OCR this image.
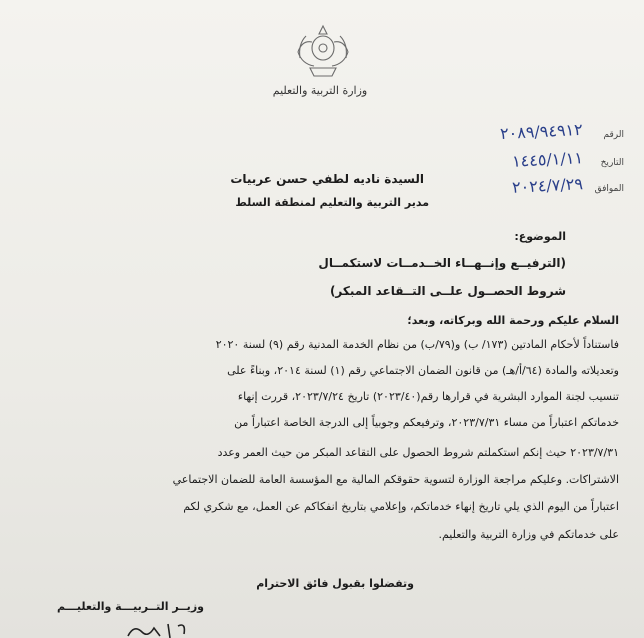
وزارة التربية والتعليم
الرقم ٢٠٨٩/٩٤٩١٢
التاريخ ١٤٤٥/١/١١
الموافق ٢٠٢٤/٧/٢٩
السيدة ناديه لطفي حسن عربيات
مدير التربية والتعليم لمنطقة السلط
الموضوع:
(الترفيــع وإنــهــاء الخــدمــات لاستكمــال
شروط الحصــول علــى التــقاعد المبكر)
السلام عليكم ورحمة الله وبركاته، وبعد؛
فاستناداً لأحكام المادتين (١٧٣/ ب) و(٧٩/ب) من نظام الخدمة المدنية رقم (٩) لسنة ٢٠٢٠
وتعديلاته والمادة (٦٤/أ/هـ) من قانون الضمان الاجتماعي رقم (١) لسنة ٢٠١٤، وبناءً على
تنسيب لجنة الموارد البشرية في قرارها رقم(٢٠٢٣/٤٠) تاريخ ٢٠٢٣/٧/٢٤، قررت إنهاء
خدماتكم اعتباراً من مساء ٢٠٢٣/٧/٣١، وترفيعكم وجوبياً إلى الدرجة الخاصة اعتباراً من
٢٠٢٣/٧/٣١ حيث إنكم استكملتم شروط الحصول على التقاعد المبكر من حيث العمر وعدد
الاشتراكات. وعليكم مراجعة الوزارة لتسوية حقوقكم المالية مع المؤسسة العامة للضمان الاجتماعي
اعتباراً من اليوم الذي يلي تاريخ إنهاء خدماتكم، وإعلامي بتاريخ انفكاكم عن العمل، مع شكري لكم
على خدماتكم في وزارة التربية والتعليم.
وتفضلوا بقبول فائق الاحترام
وزيــر التــربيـــة والتعليـــم
